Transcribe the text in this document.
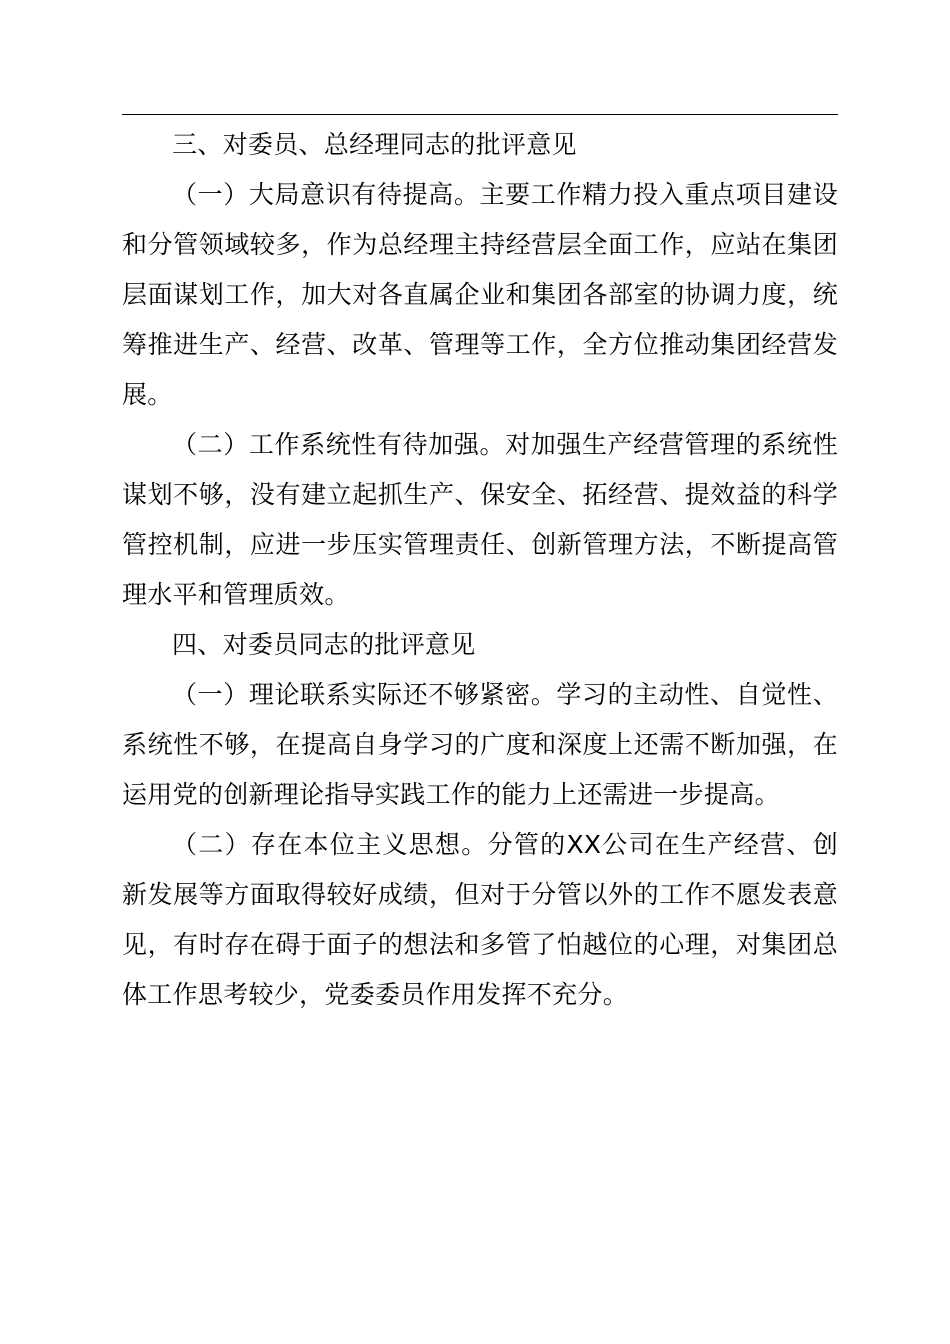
三、对委员、总经理同志的批评意见

（一）大局意识有待提高。主要工作精力投入重点项目建设和分管领域较多，作为总经理主持经营层全面工作，应站在集团层面谋划工作，加大对各直属企业和集团各部室的协调力度，统筹推进生产、经营、改革、管理等工作，全方位推动集团经营发展。

（二）工作系统性有待加强。对加强生产经营管理的系统性谋划不够，没有建立起抓生产、保安全、拓经营、提效益的科学管控机制，应进一步压实管理责任、创新管理方法，不断提高管理水平和管理质效。

四、对委员同志的批评意见

（一）理论联系实际还不够紧密。学习的主动性、自觉性、系统性不够，在提高自身学习的广度和深度上还需不断加强，在运用党的创新理论指导实践工作的能力上还需进一步提高。

（二）存在本位主义思想。分管的XX公司在生产经营、创新发展等方面取得较好成绩，但对于分管以外的工作不愿发表意见，有时存在碍于面子的想法和多管了怕越位的心理，对集团总体工作思考较少，党委委员作用发挥不充分。
